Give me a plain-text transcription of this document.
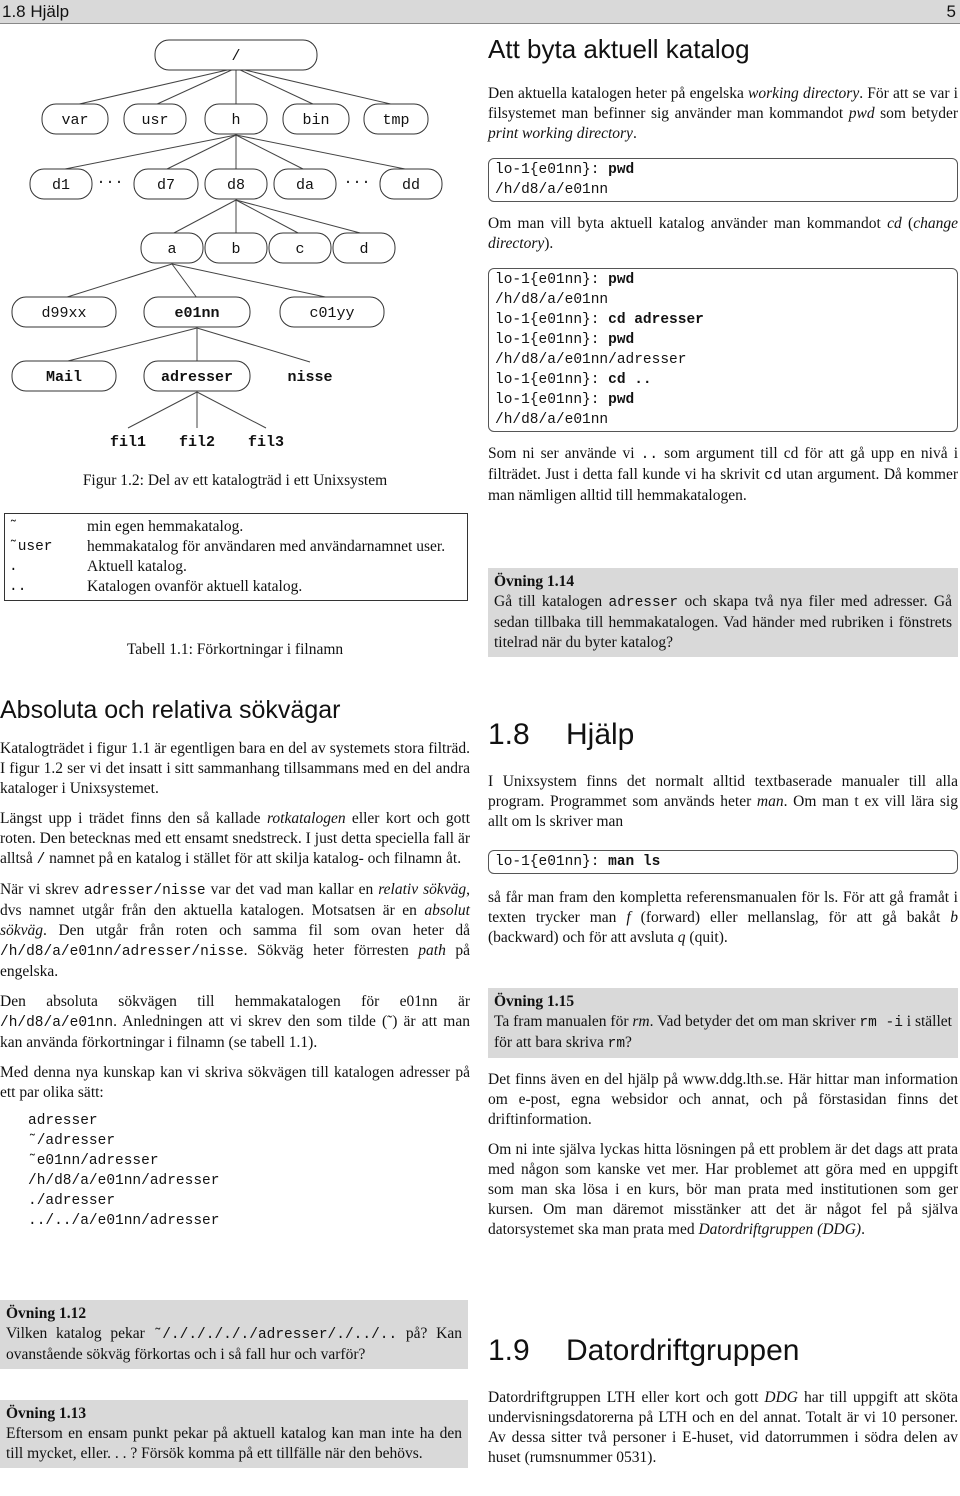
1.8 Hjälp	5
/
var	usr	h	bin	tmp
d1 ··· d7	d8	da ··· dd
a	b	c	d
d99xx	e01nn	c01yy
Mail	adresser	nisse
fil1 fil2 fil3
Figur 1.2: Del av ett katalogträd i ett Unixsystem
˜	min egen hemmakatalog.
˜user	hemmakatalog för användaren med användarnamnet user.
.	Aktuell katalog.
..	Katalogen ovanför aktuell katalog.
Tabell 1.1: Förkortningar i filnamn
Absoluta och relativa sökvägar

Katalogträdet i figur 1.1 är egentligen bara en del av systemets stora filträd. I figur 1.2 ser vi det insatt i sitt sammanhang tillsammans med en del andra kataloger i Unixsystemet.

Längst upp i trädet finns den så kallade rotkatalogen eller kort och gott roten. Den betecknas med ett ensamt snedstreck. I just detta speciella fall är alltså / namnet på en katalog i stället för att skilja katalog- och filnamn åt.

När vi skrev adresser/nisse var det vad man kallar en relativ sökväg, dvs namnet utgår från den aktuella katalogen. Motsatsen är en absolut sökväg. Den utgår från roten och samma fil som ovan heter då /h/d8/a/e01nn/adresser/nisse. Sökväg heter förresten path på engelska.

Den absoluta sökvägen till hemmakatalogen för e01nn är /h/d8/a/e01nn. Anledningen att vi skrev den som tilde (˜) är att man kan använda förkortningar i filnamn (se tabell 1.1).

Med denna nya kunskap kan vi skriva sökvägen till katalogen adresser på ett par olika sätt:

adresser
˜/adresser
˜e01nn/adresser
/h/d8/a/e01nn/adresser
./adresser
../../a/e01nn/adresser
Övning 1.12

Vilken katalog pekar ˜/./././././adresser/./../.. på? Kan ovanstående sökväg förkortas och i så fall hur och varför?

Övning 1.13

Eftersom en ensam punkt pekar på aktuell katalog kan man inte ha den till mycket, eller. . . ? Försök komma på ett tillfälle när den behövs.

Att byta aktuell katalog

Den aktuella katalogen heter på engelska working directory. För att se var i filsystemet man befinner sig använder man kommandot pwd som betyder print working directory.

lo-1{e01nn}: pwd
/h/d8/a/e01nn

Om man vill byta aktuell katalog använder man kommandot cd (change directory).

lo-1{e01nn}: pwd
/h/d8/a/e01nn
lo-1{e01nn}: cd adresser
lo-1{e01nn}: pwd
/h/d8/a/e01nn/adresser
lo-1{e01nn}: cd ..
lo-1{e01nn}: pwd
/h/d8/a/e01nn

Som ni ser använde vi .. som argument till cd för att gå upp en nivå i filträdet. Just i detta fall kunde vi ha skrivit cd utan argument. Då kommer man nämligen alltid till hemmakatalogen.

Övning 1.14

Gå till katalogen adresser och skapa två nya filer med adresser. Gå sedan tillbaka till hemmakatalogen. Vad händer med rubriken i fönstrets titelrad när du byter katalog?

1.8 Hjälp

I Unixsystem finns det normalt alltid textbaserade manualer till alla program. Programmet som används heter man. Om man t ex vill lära sig allt om ls skriver man

lo-1{e01nn}: man ls

så får man fram den kompletta referensmanualen för ls. För att gå framåt i texten trycker man f (forward) eller mellanslag, för att gå bakåt b (backward) och för att avsluta q (quit).

Övning 1.15

Ta fram manualen för rm. Vad betyder det om man skriver rm -i i stället för att bara skriva rm?

Det finns även en del hjälp på www.ddg.lth.se. Här hittar man information om e-post, egna websidor och annat, och på förstasidan finns det driftinformation.

Om ni inte själva lyckas hitta lösningen på ett problem är det dags att prata med någon som kanske vet mer. Har problemet att göra med en uppgift som man ska lösa i en kurs, bör man prata med institutionen som ger kursen. Om man däremot misstänker att det är något fel på själva datorsystemet ska man prata med Datordriftgruppen (DDG).

1.9 Datordriftgruppen

Datordriftgruppen LTH eller kort och gott DDG har till uppgift att sköta undervisningsdatorerna på LTH och en del annat. Totalt är vi 10 personer. Av dessa sitter två personer i E-huset, vid datorrummen i södra delen av huset (rumsnummer 0531).
